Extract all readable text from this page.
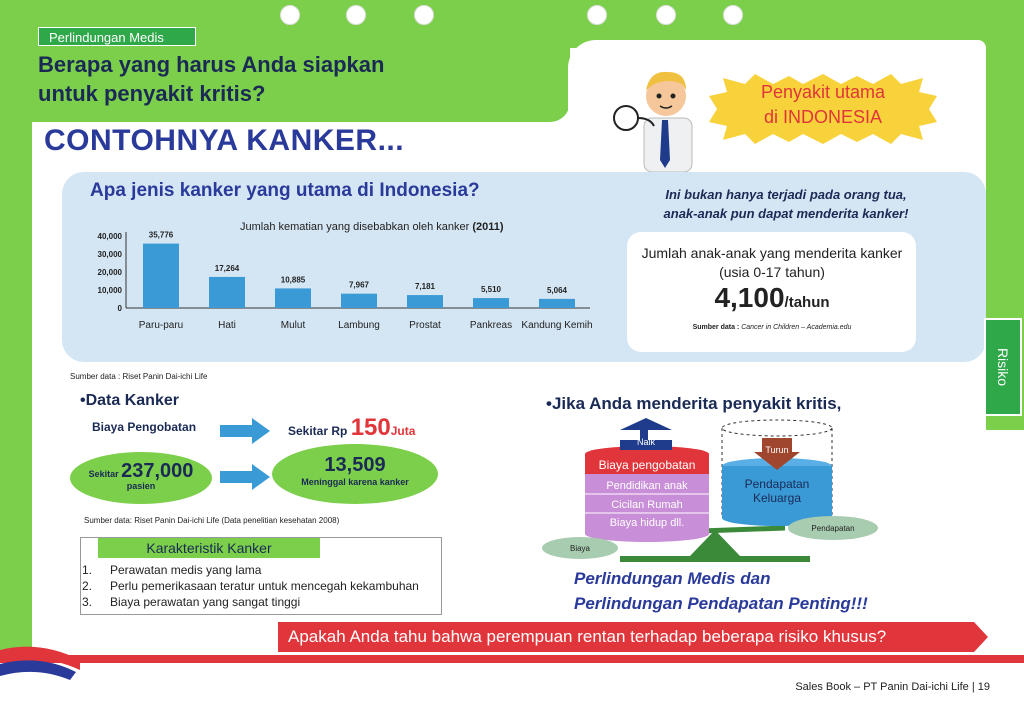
Perlindungan Medis
Berapa yang harus Anda siapkan
untuk penyakit kritis?
CONTOHNYA KANKER...
Penyakit utama
di INDONESIA
Apa jenis kanker yang utama di Indonesia?
Jumlah kematian yang disebabkan oleh kanker (2011)
0
10,000
20,000
30,000
40,000	35,776
Paru-paru
17,264
Hati
10,885
Mulut
7,967
Lambung
7,181
Prostat
5,510
Pankreas
5,064
Kandung Kemih
Ini bukan hanya terjadi pada orang tua,
anak-anak pun dapat menderita kanker!
Jumlah anak-anak yang menderita kanker
(usia 0-17 tahun)
4,100/tahun
Sumber data : Cancer in Children – Academia.edu
Sumber data : Riset Panin Dai-ichi Life
•Data Kanker
Biaya Pengobatan	Sekitar Rp 150Juta
Sekitar 237,000
pasien
13,509
Meninggal karena kanker
Sumber data: Riset Panin Dai-ichi Life (Data penelitian kesehatan 2008)
Karakteristik Kanker
1. Perawatan medis yang lama
2. Perlu pemerikasaan teratur untuk mencegah kekambuhan
3. Biaya perawatan yang sangat tinggi
•Jika Anda menderita penyakit kritis,
Naik
Biaya pengobatan
Pendidikan anak
Cicilan Rumah
Biaya hidup dll.
Turun
Pendapatan
Keluarga
Biaya
Pendapatan
Perlindungan Medis dan
Perlindungan Pendapatan Penting!!!
Apakah Anda tahu bahwa perempuan rentan terhadap beberapa risiko khusus?
Sales Book – PT Panin Dai-ichi Life | 19
Risiko
